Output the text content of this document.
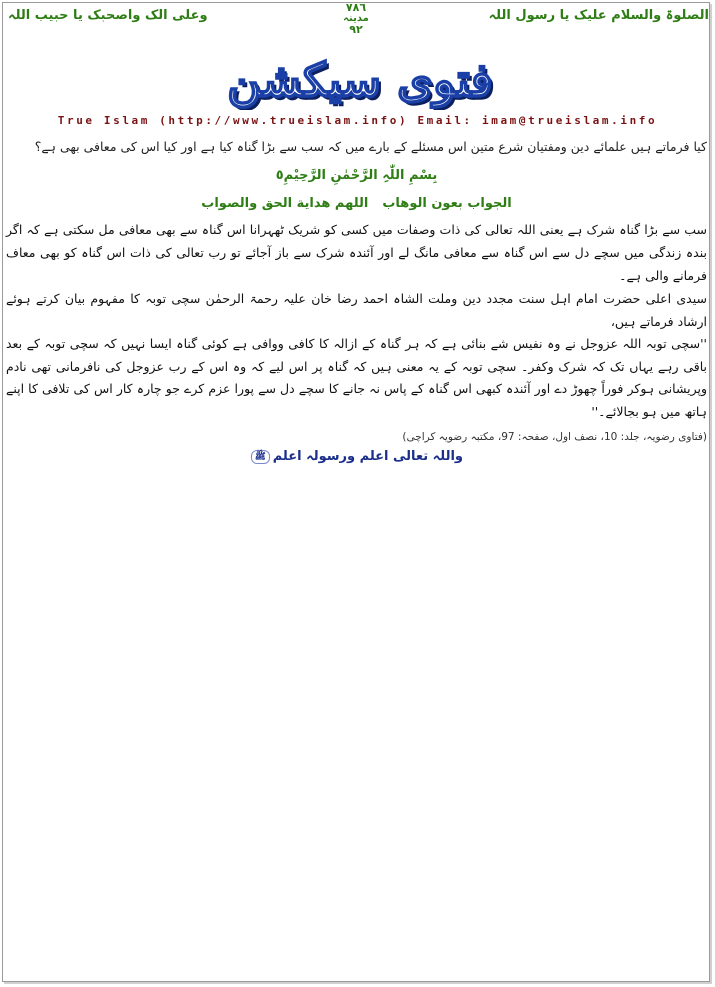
الصلوۃ والسلام علیک یا رسول اللہ
۷۸٦
مدینہ
۹۲
وعلی الک واصحبک یا حبیب اللہ
فتوی سیکشن
True Islam (http://www.trueislam.info) Email: imam@trueislam.info
کیا فرماتے ہیں علمائے دین ومفتیان شرع متین اس مسئلے کے بارے میں کہ سب سے بڑا گناہ کیا ہے اور کیا اس کی معافی بھی ہے؟
بِسْمِ اللّٰہِ الرَّحْمٰنِ الرَّحِیْمِ٥
الجواب بعون الوهاباللهم هداية الحق والصواب
سب سے بڑا گناہ شرک ہے یعنی اللہ تعالی کی ذات وصفات میں کسی کو شریک ٹھہرانا اس گناہ سے بھی معافی مل سکتی ہے کہ اگر بندہ زندگی میں سچے دل سے اس گناہ سے معافی مانگ لے اور آئندہ شرک سے باز آجائے تو رب تعالی کی ذات اس گناہ کو بھی معاف فرمانے والی ہے۔
سیدی اعلی حضرت امام اہل سنت مجدد دین وملت الشاہ احمد رضا خان علیہ رحمۃ الرحمٰن سچی توبہ کا مفہوم بیان کرتے ہوئے ارشاد فرماتے ہیں،
''سچی توبہ اللہ عزوجل نے وہ نفیس شے بنائی ہے کہ ہر گناہ کے ازالہ کا کافی ووافی ہے کوئی گناہ ایسا نہیں کہ سچی توبہ کے بعد باقی رہے یہاں تک کہ شرک وکفر۔ سچی توبہ کے یہ معنی ہیں کہ گناہ پر اس لیے کہ وہ اس کے رب عزوجل کی نافرمانی تھی نادم وپریشانی ہوکر فوراً چھوڑ دے اور آئندہ کبھی اس گناہ کے پاس نہ جانے کا سچے دل سے پورا عزم کرے جو چارہ کار اس کی تلافی کا اپنے ہاتھ میں ہو بجالائے۔''
(فتاوی رضویہ، جلد: 10، نصف اول، صفحہ: 97، مکتبہ رضویہ کراچی)
واللہ تعالی اعلم ورسولہ اعلمﷺ
